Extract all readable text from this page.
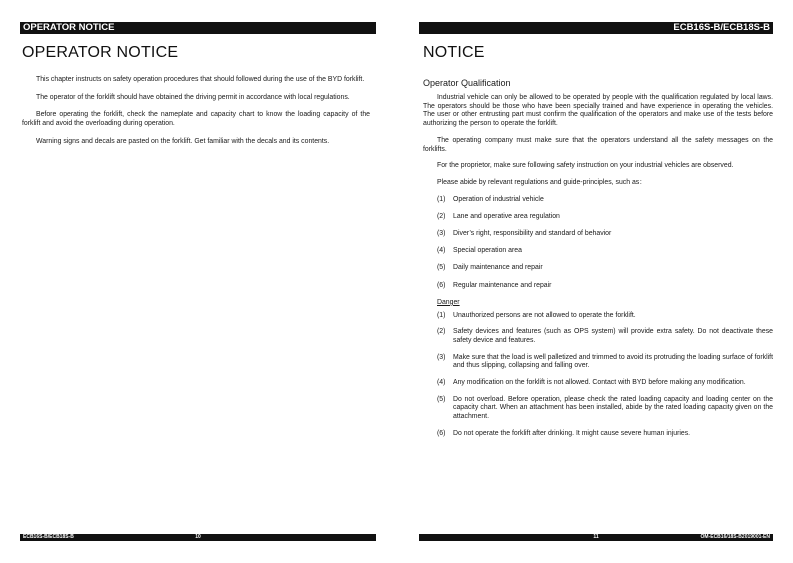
OPERATOR NOTICE
OPERATOR NOTICE

This chapter instructs on safety operation procedures that should followed during the use of the BYD forklift.

The operator of the forklift should have obtained the driving permit in accordance with local regulations.

Before operating the forklift, check the nameplate and capacity chart to know the loading capacity of the forklift and avoid the overloading during operation.

Warning signs and decals are pasted on the forklift. Get familiar with the decals and its contents.

ECB16S-B/ECB18S-B	10
ECB16S-B/ECB18S-B
NOTICE
Operator Qualification

Industrial vehicle can only be allowed to be operated by people with the qualification regulated by local laws. The operators should be those who have been specially trained and have experience in operating the vehicles. The user or other entrusting part must confirm the qualification of the operators and make use of the tests before authorizing the person to operate the forklift.

The operating company must make sure that the operators understand all the safety messages on the forklifts.

For the proprietor, make sure following safety instruction on your industrial vehicles are observed.

Please abide by relevant regulations and guide-principles, such as：

(1)	Operation of industrial vehicle
(2)	Lane and operative area regulation
(3)	Diver’s right, responsibility and standard of behavior
(4)	Special operation area
(5)	Daily maintenance and repair
(6)	Regular maintenance and repair
Danger
(1)	Unauthorized persons are not allowed to operate the forklift.
(2)	Safety devices and features (such as OPS system) will provide extra safety. Do not deactivate these safety device and features.
(3)	Make sure that the load is well palletized and trimmed to avoid its protruding the loading surface of forklift and thus slipping, collapsing and falling over.
(4)	Any modification on the forklift is not allowed. Contact with BYD before making any modification.
(5)	Do not overload. Before operation, please check the rated loading capacity and loading center on the capacity chart. When an attachment has been installed, abide by the rated loading capacity given on the attachment.
(6)	Do not operate the forklift after drinking. It might cause severe human injuries.
11	OM-ECB16/18S-B2019001-EN
